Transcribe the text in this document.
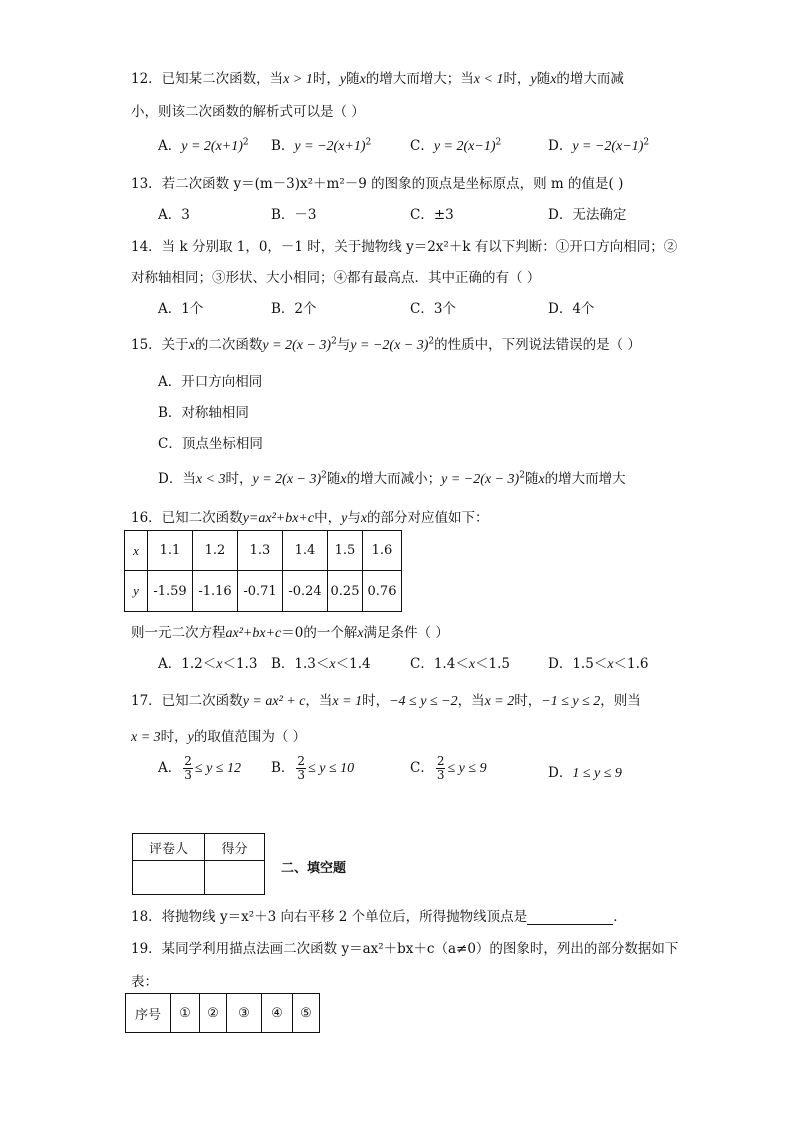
12．已知某二次函数，当x > 1时，y随x的增大而增大；当x < 1时，y随x的增大而减
小，则该二次函数的解析式可以是（ ）
A．$y = 2(x+1)^2$ B．$y = -2(x+1)^2$	C．$y = 2(x-1)^2$	D．$y = -2(x-1)^2$
13．若二次函数 y＝(m－3)x²＋m²－9 的图象的顶点是坐标原点，则 m 的值是( )
A．3	B．－3	C．±3	D．无法确定
14．当 k 分别取 1，0，－1 时，关于抛物线 y＝2x²＋k 有以下判断：①开口方向相同；②
对称轴相同；③形状、大小相同；④都有最高点．其中正确的有（ ）
A．1个	B．2个	C．3个	D．4个
15．关于x的二次函数$y = 2(x - 3)^2$与$y = -2(x - 3)^2$的性质中，下列说法错误的是（ ）
A．开口方向相同
B．对称轴相同
C．顶点坐标相同
D．当x < 3时，$y = 2(x - 3)^2$随x的增大而减小；$y = -2(x - 3)^2$随x的增大而增大
16．已知二次函数y=ax²+bx+c中，y与x的部分对应值如下：
x	1.1	1.2	1.3	1.4	1.5	1.6
y	-1.59	-1.16	-0.71	-0.24	0.25	0.76
则一元二次方程ax²+bx+c＝0的一个解x满足条件（ ）
A．1.2＜x＜1.3 B．1.3＜x＜1.4	C．1.4＜x＜1.5	D．1.5＜x＜1.6
17．已知二次函数y = ax² + c，当x = 1时，−4 ≤ y ≤ −2，当x = 2时，−1 ≤ y ≤ 2，则当
x = 3时，y的取值范围为（ ）
A． $\frac{2}{3} \le y \le 12$ B． $\frac{2}{3} \le y \le 10$	C． $\frac{2}{3} \le y \le 9$	D．1 ≤ y ≤ 9
评卷人	得分

二、填空题
18．将抛物线 y＝x²＋3 向右平移 2 个单位后，所得抛物线顶点是	．
19．某同学利用描点法画二次函数 y＝ax²＋bx＋c（a≠0）的图象时，列出的部分数据如下
表：
序号	①	②	③	④	⑤
